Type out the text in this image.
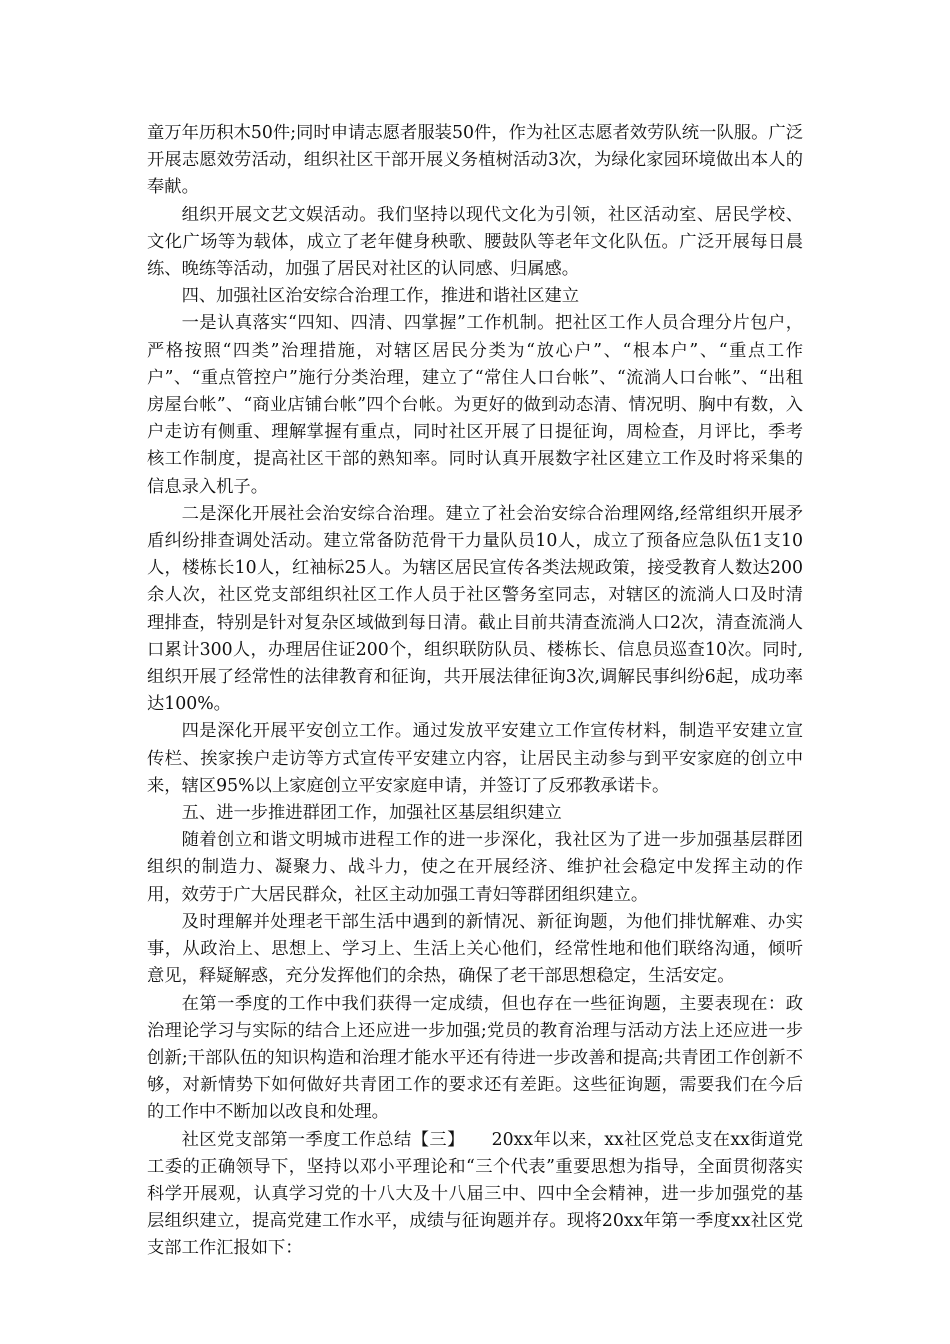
童万年历积木50件;同时申请志愿者服装50件，作为社区志愿者效劳队统一队服。广泛开展志愿效劳活动，组织社区干部开展义务植树活动3次，为绿化家园环境做出本人的奉献。

组织开展文艺文娱活动。我们坚持以现代文化为引领，社区活动室、居民学校、文化广场等为载体，成立了老年健身秧歌、腰鼓队等老年文化队伍。广泛开展每日晨练、晚练等活动，加强了居民对社区的认同感、归属感。

四、加强社区治安综合治理工作，推进和谐社区建立

一是认真落实“四知、四清、四掌握”工作机制。把社区工作人员合理分片包户，严格按照“四类”治理措施，对辖区居民分类为“放心户”、“根本户”、“重点工作户”、“重点管控户”施行分类治理，建立了“常住人口台帐”、“流淌人口台帐”、“出租房屋台帐”、“商业店铺台帐”四个台帐。为更好的做到动态清、情况明、胸中有数，入户走访有侧重、理解掌握有重点，同时社区开展了日提征询，周检查，月评比，季考核工作制度，提高社区干部的熟知率。同时认真开展数字社区建立工作及时将采集的信息录入机子。

二是深化开展社会治安综合治理。建立了社会治安综合治理网络,经常组织开展矛盾纠纷排查调处活动。建立常备防范骨干力量队员10人，成立了预备应急队伍1支10人，楼栋长10人，红袖标25人。为辖区居民宣传各类法规政策，接受教育人数达200余人次，社区党支部组织社区工作人员于社区警务室同志，对辖区的流淌人口及时清理排查，特别是针对复杂区域做到每日清。截止目前共清查流淌人口2次，清查流淌人口累计300人，办理居住证200个，组织联防队员、楼栋长、信息员巡查10次。同时,组织开展了经常性的法律教育和征询，共开展法律征询3次,调解民事纠纷6起，成功率达100%。

四是深化开展平安创立工作。通过发放平安建立工作宣传材料，制造平安建立宣传栏、挨家挨户走访等方式宣传平安建立内容，让居民主动参与到平安家庭的创立中来，辖区95%以上家庭创立平安家庭申请，并签订了反邪教承诺卡。

五、进一步推进群团工作，加强社区基层组织建立

随着创立和谐文明城市进程工作的进一步深化，我社区为了进一步加强基层群团组织的制造力、凝聚力、战斗力，使之在开展经济、维护社会稳定中发挥主动的作用，效劳于广大居民群众，社区主动加强工青妇等群团组织建立。

及时理解并处理老干部生活中遇到的新情况、新征询题，为他们排忧解难、办实事，从政治上、思想上、学习上、生活上关心他们，经常性地和他们联络沟通，倾听意见，释疑解惑，充分发挥他们的余热，确保了老干部思想稳定，生活安定。

在第一季度的工作中我们获得一定成绩，但也存在一些征询题，主要表现在：政治理论学习与实际的结合上还应进一步加强;党员的教育治理与活动方法上还应进一步创新;干部队伍的知识构造和治理才能水平还有待进一步改善和提高;共青团工作创新不够，对新情势下如何做好共青团工作的要求还有差距。这些征询题，需要我们在今后的工作中不断加以改良和处理。

社区党支部第一季度工作总结【三】　　20xx年以来，xx社区党总支在xx街道党工委的正确领导下，坚持以邓小平理论和“三个代表”重要思想为指导，全面贯彻落实科学开展观，认真学习党的十八大及十八届三中、四中全会精神，进一步加强党的基层组织建立，提高党建工作水平，成绩与征询题并存。现将20xx年第一季度xx社区党支部工作汇报如下：
